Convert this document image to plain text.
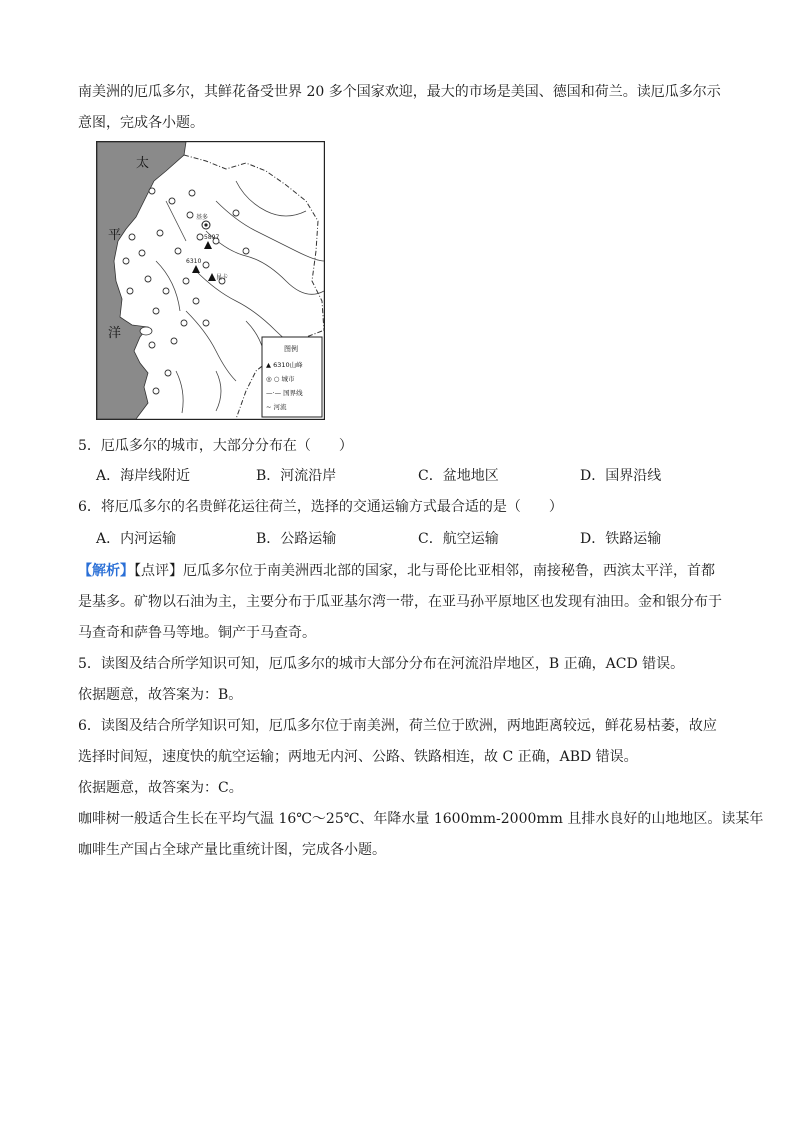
南美洲的厄瓜多尔，其鲜花备受世界 20 多个国家欢迎，最大的市场是美国、德国和荷兰。读厄瓜多尔示
意图，完成各小题。
太
平
洋
基多
昆卡
5897
6310
图例
▲ 6310山峰
◎ ○ 城市
—·— 国界线
~ 河流
5．厄瓜多尔的城市，大部分分布在（　　）
A．海岸线附近	B．河流沿岸	C．盆地地区	D．国界沿线
6．将厄瓜多尔的名贵鲜花运往荷兰，选择的交通运输方式最合适的是（　　）
A．内河运输	B．公路运输	C．航空运输	D．铁路运输
【解析】【点评】厄瓜多尔位于南美洲西北部的国家，北与哥伦比亚相邻，南接秘鲁，西滨太平洋，首都
是基多。矿物以石油为主，主要分布于瓜亚基尔湾一带，在亚马孙平原地区也发现有油田。金和银分布于
马查奇和萨鲁马等地。铜产于马查奇。
5．读图及结合所学知识可知，厄瓜多尔的城市大部分分布在河流沿岸地区，B 正确，ACD 错误。
依据题意，故答案为：B。
6．读图及结合所学知识可知，厄瓜多尔位于南美洲，荷兰位于欧洲，两地距离较远，鲜花易枯萎，故应
选择时间短，速度快的航空运输；两地无内河、公路、铁路相连，故 C 正确，ABD 错误。
依据题意，故答案为：C。
咖啡树一般适合生长在平均气温 16℃～25℃、年降水量 1600mm-2000mm 且排水良好的山地地区。读某年
咖啡生产国占全球产量比重统计图，完成各小题。
